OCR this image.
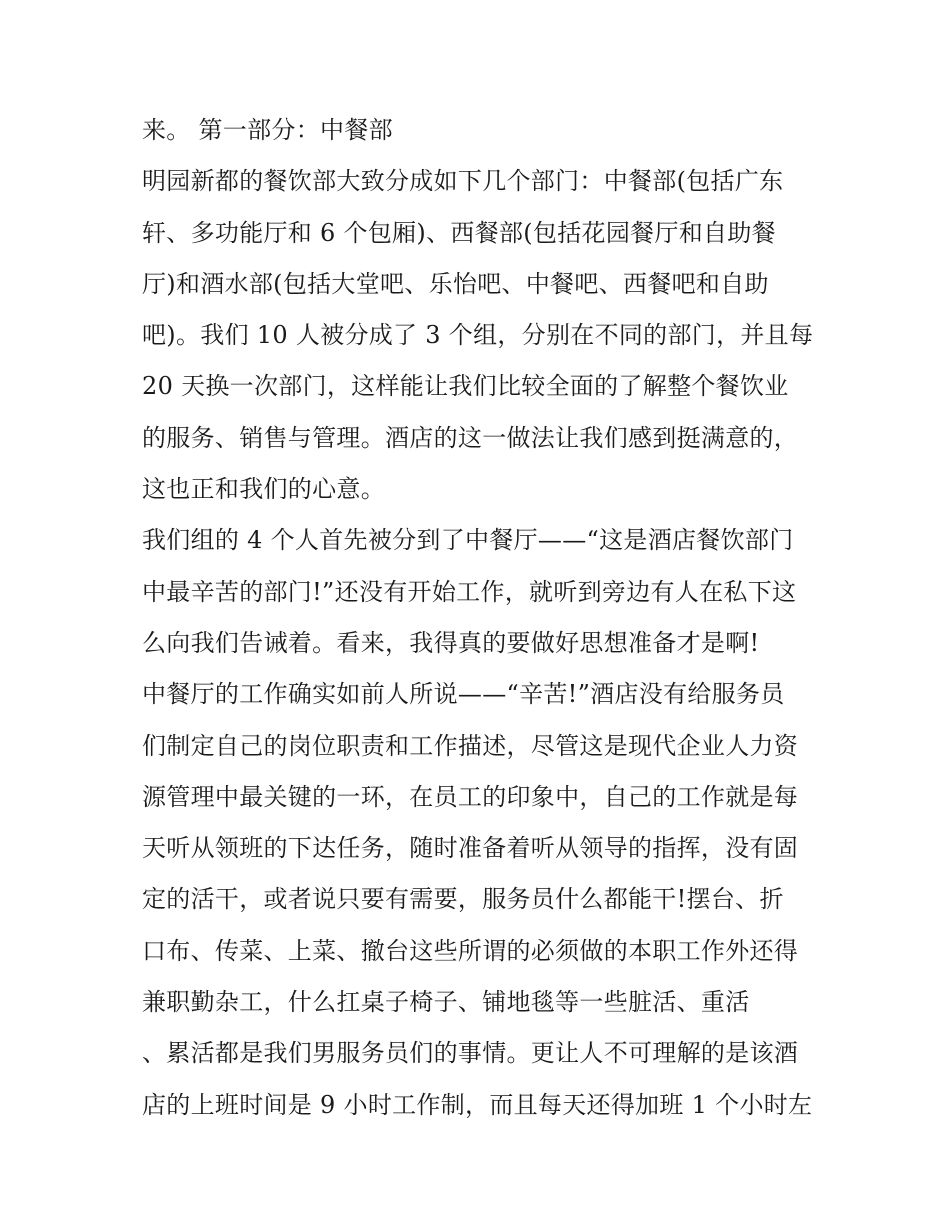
来。 第一部分：中餐部
明园新都的餐饮部大致分成如下几个部门：中餐部(包括广东
轩、多功能厅和 6 个包厢)、西餐部(包括花园餐厅和自助餐
厅)和酒水部(包括大堂吧、乐怡吧、中餐吧、西餐吧和自助
吧)。我们 10 人被分成了 3 个组，分别在不同的部门，并且每
20 天换一次部门，这样能让我们比较全面的了解整个餐饮业
的服务、销售与管理。酒店的这一做法让我们感到挺满意的，
这也正和我们的心意。
我们组的 4 个人首先被分到了中餐厅——“这是酒店餐饮部门
中最辛苦的部门!”还没有开始工作，就听到旁边有人在私下这
么向我们告诫着。看来，我得真的要做好思想准备才是啊!
中餐厅的工作确实如前人所说——“辛苦!”酒店没有给服务员
们制定自己的岗位职责和工作描述，尽管这是现代企业人力资
源管理中最关键的一环，在员工的印象中，自己的工作就是每
天听从领班的下达任务，随时准备着听从领导的指挥，没有固
定的活干，或者说只要有需要，服务员什么都能干!摆台、折
口布、传菜、上菜、撤台这些所谓的必须做的本职工作外还得
兼职勤杂工，什么扛桌子椅子、铺地毯等一些脏活、重活
、累活都是我们男服务员们的事情。更让人不可理解的是该酒
店的上班时间是 9 小时工作制，而且每天还得加班 1 个小时左
